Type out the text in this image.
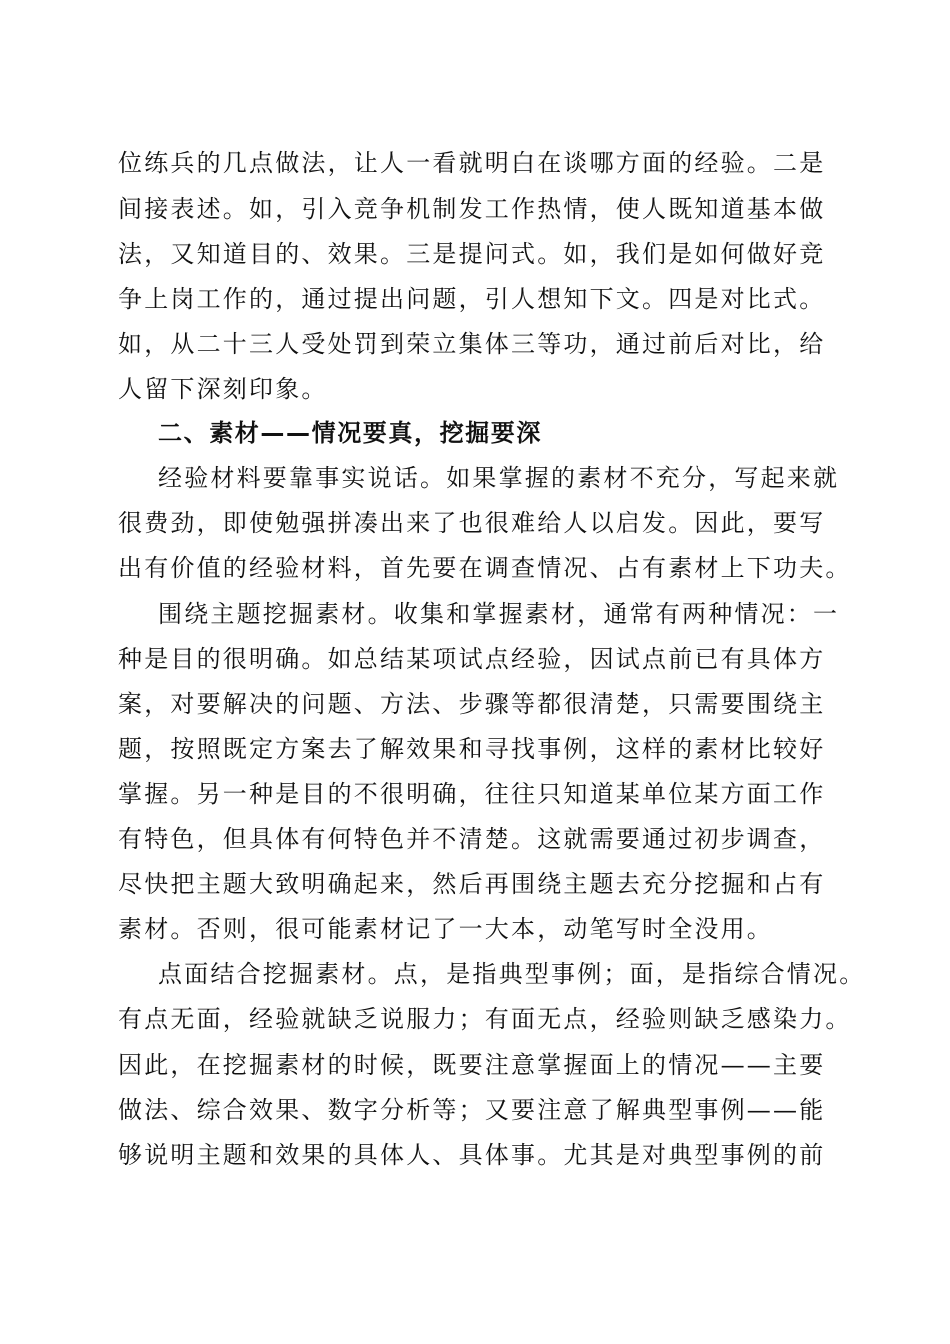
位练兵的几点做法，让人一看就明白在谈哪方面的经验。二是
间接表述。如，引入竞争机制发工作热情，使人既知道基本做
法，又知道目的、效果。三是提问式。如，我们是如何做好竞
争上岗工作的，通过提出问题，引人想知下文。四是对比式。
如，从二十三人受处罚到荣立集体三等功，通过前后对比，给
人留下深刻印象。
二、素材——情况要真，挖掘要深
经验材料要靠事实说话。如果掌握的素材不充分，写起来就
很费劲，即使勉强拼凑出来了也很难给人以启发。因此，要写
出有价值的经验材料，首先要在调查情况、占有素材上下功夫。
围绕主题挖掘素材。收集和掌握素材，通常有两种情况：一
种是目的很明确。如总结某项试点经验，因试点前已有具体方
案，对要解决的问题、方法、步骤等都很清楚，只需要围绕主
题，按照既定方案去了解效果和寻找事例，这样的素材比较好
掌握。另一种是目的不很明确，往往只知道某单位某方面工作
有特色，但具体有何特色并不清楚。这就需要通过初步调查，
尽快把主题大致明确起来，然后再围绕主题去充分挖掘和占有
素材。否则，很可能素材记了一大本，动笔写时全没用。
点面结合挖掘素材。点，是指典型事例；面，是指综合情况。
有点无面，经验就缺乏说服力；有面无点，经验则缺乏感染力。
因此，在挖掘素材的时候，既要注意掌握面上的情况——主要
做法、综合效果、数字分析等；又要注意了解典型事例——能
够说明主题和效果的具体人、具体事。尤其是对典型事例的前
